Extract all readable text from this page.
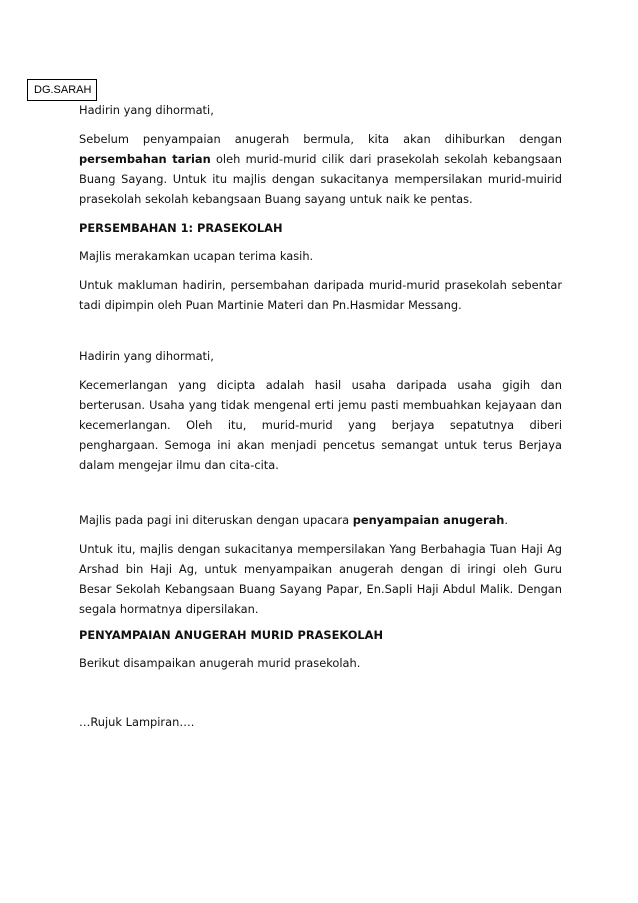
DG.SARAH

Hadirin yang dihormati,

Sebelum penyampaian anugerah bermula, kita akan dihiburkan dengan persembahan tarian oleh murid-murid cilik dari prasekolah sekolah kebangsaan Buang Sayang. Untuk itu majlis dengan sukacitanya mempersilakan murid-muirid prasekolah sekolah kebangsaan Buang sayang untuk naik ke pentas.

PERSEMBAHAN 1: PRASEKOLAH

Majlis merakamkan ucapan terima kasih.

Untuk makluman hadirin, persembahan daripada murid-murid prasekolah sebentar tadi dipimpin oleh Puan Martinie Materi dan Pn.Hasmidar Messang.

Hadirin yang dihormati,

Kecemerlangan yang dicipta adalah hasil usaha daripada usaha gigih dan berterusan. Usaha yang tidak mengenal erti jemu pasti membuahkan kejayaan dan kecemerlangan. Oleh itu, murid-murid yang berjaya sepatutnya diberi penghargaan. Semoga ini akan menjadi pencetus semangat untuk terus Berjaya dalam mengejar ilmu dan cita-cita.

Majlis pada pagi ini diteruskan dengan upacara penyampaian anugerah.

Untuk itu, majlis dengan sukacitanya mempersilakan Yang Berbahagia Tuan Haji Ag Arshad bin Haji Ag, untuk menyampaikan anugerah dengan di iringi oleh Guru Besar Sekolah Kebangsaan Buang Sayang Papar, En.Sapli Haji Abdul Malik. Dengan segala hormatnya dipersilakan.

PENYAMPAIAN ANUGERAH MURID PRASEKOLAH

Berikut disampaikan anugerah murid prasekolah.

…Rujuk Lampiran….
